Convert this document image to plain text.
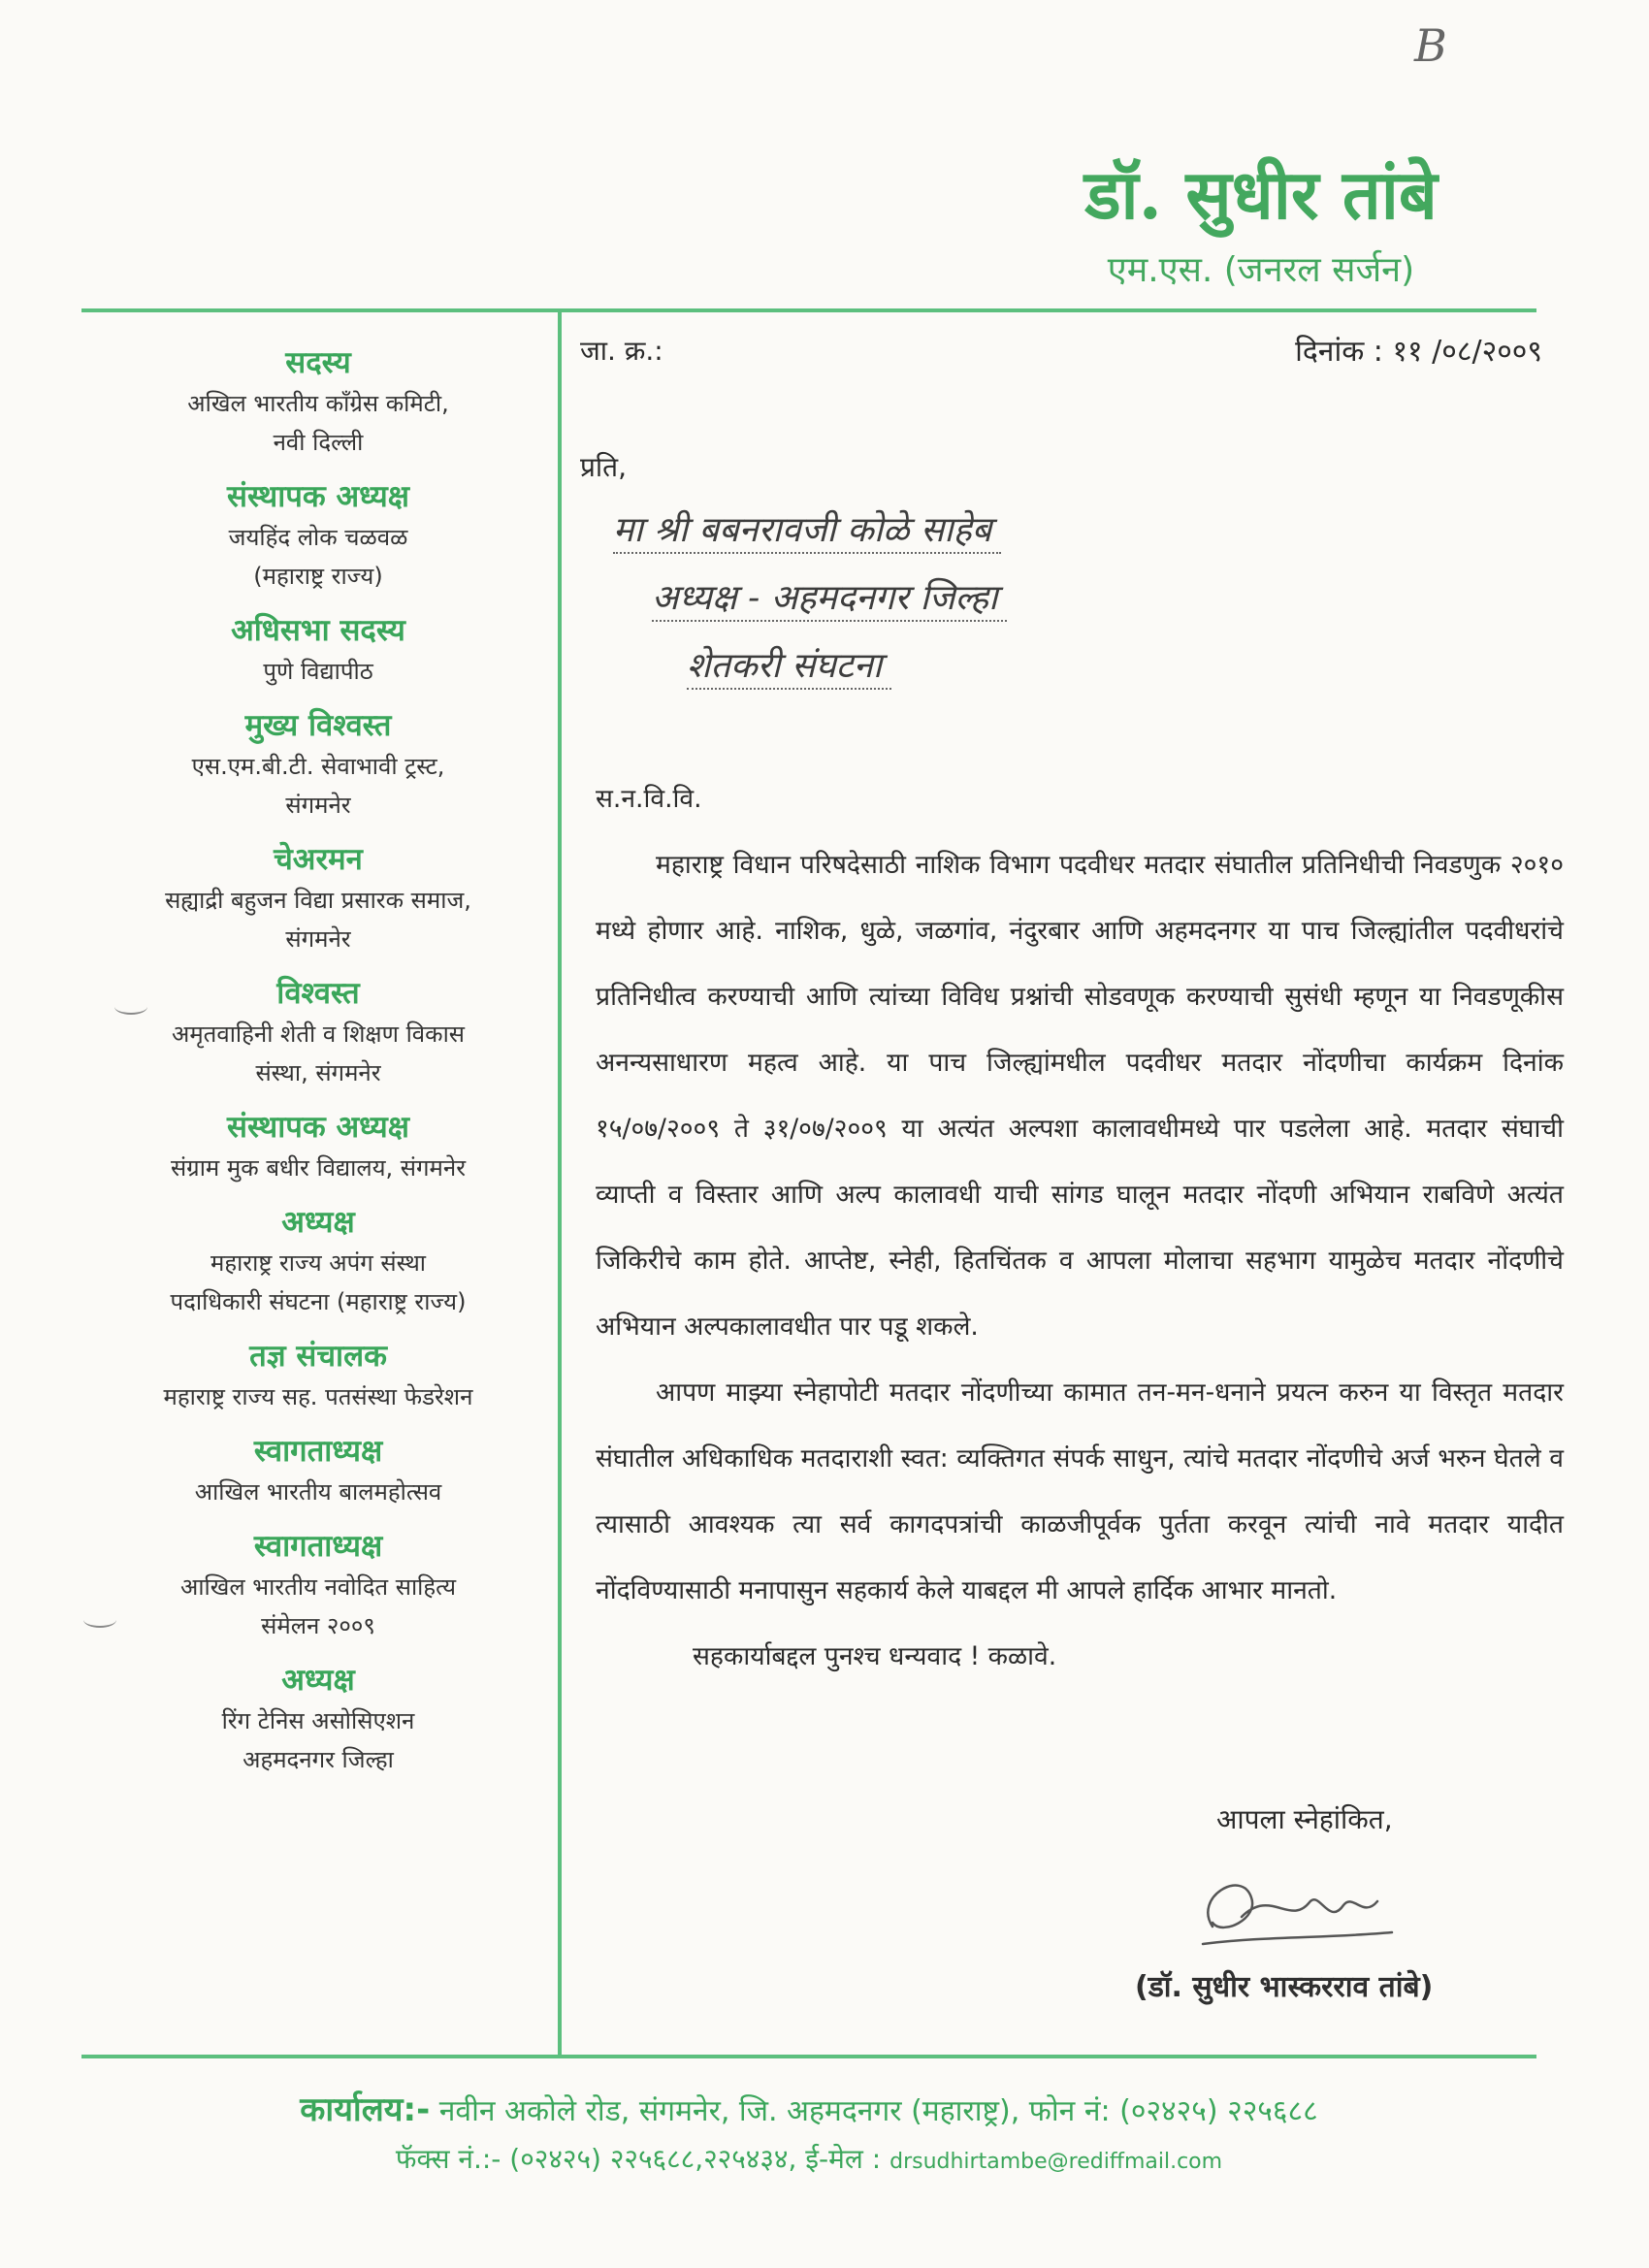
B
डॉ. सुधीर तांबे
एम.एस. (जनरल सर्जन)
सदस्य
अखिल भारतीय कॉंग्रेस कमिटी,
नवी दिल्ली
संस्थापक अध्यक्ष
जयहिंद लोक चळवळ
(महाराष्ट्र राज्य)
अधिसभा सदस्य
पुणे विद्यापीठ
मुख्य विश्वस्त
एस.एम.बी.टी. सेवाभावी ट्रस्ट,
संगमनेर
चेअरमन
सह्याद्री बहुजन विद्या प्रसारक समाज,
संगमनेर
विश्वस्त
अमृतवाहिनी शेती व शिक्षण विकास
संस्था, संगमनेर
संस्थापक अध्यक्ष
संग्राम मुक बधीर विद्यालय, संगमनेर
अध्यक्ष
महाराष्ट्र राज्य अपंग संस्था
पदाधिकारी संघटना (महाराष्ट्र राज्य)
तज्ञ संचालक
महाराष्ट्र राज्य सह. पतसंस्था फेडरेशन
स्वागताध्यक्ष
आखिल भारतीय बालमहोत्सव
स्वागताध्यक्ष
आखिल भारतीय नवोदित साहित्य
संमेलन २००९
अध्यक्ष
रिंग टेनिस असोसिएशन
अहमदनगर जिल्हा
जा. क्र.:	दिनांक : ११ /०८/२००९
प्रति,
मा श्री बबनरावजी कोळे साहेब
अध्यक्ष - अहमदनगर जिल्हा
शेतकरी संघटना

स.न.वि.वि.

महाराष्ट्र विधान परिषदेसाठी नाशिक विभाग पदवीधर मतदार संघातील प्रतिनिधीची निवडणुक २०१० मध्ये होणार आहे. नाशिक, धुळे, जळगांव, नंदुरबार आणि अहमदनगर या पाच जिल्ह्यांतील पदवीधरांचे प्रतिनिधीत्व करण्याची आणि त्यांच्या विविध प्रश्नांची सोडवणूक करण्याची सुसंधी म्हणून या निवडणूकीस अनन्यसाधारण महत्व आहे. या पाच जिल्ह्यांमधील पदवीधर मतदार नोंदणीचा कार्यक्रम दिनांक १५/०७/२००९ ते ३१/०७/२००९ या अत्यंत अल्पशा कालावधीमध्ये पार पडलेला आहे. मतदार संघाची व्याप्ती व विस्तार आणि अल्प कालावधी याची सांगड घालून मतदार नोंदणी अभियान राबविणे अत्यंत जिकिरीचे काम होते. आप्तेष्ट, स्नेही, हितचिंतक व आपला मोलाचा सहभाग यामुळेच मतदार नोंदणीचे अभियान अल्पकालावधीत पार पडू शकले.

आपण माझ्या स्नेहापोटी मतदार नोंदणीच्या कामात तन-मन-धनाने प्रयत्न करुन या विस्तृत मतदार संघातील अधिकाधिक मतदाराशी स्वत: व्यक्तिगत संपर्क साधुन, त्यांचे मतदार नोंदणीचे अर्ज भरुन घेतले व त्यासाठी आवश्यक त्या सर्व कागदपत्रांची काळजीपूर्वक पुर्तता करवून त्यांची नावे मतदार यादीत नोंदविण्यासाठी मनापासुन सहकार्य केले याबद्दल मी आपले हार्दिक आभार मानतो.

सहकार्याबद्दल पुनश्च धन्यवाद ! कळावे.

आपला स्नेहांकित,
(डॉ. सुधीर भास्करराव तांबे)
कार्यालय:- नवीन अकोले रोड, संगमनेर, जि. अहमदनगर (महाराष्ट्र), फोन नं: (०२४२५) २२५६८८
फॅक्स नं.:- (०२४२५) २२५६८८,२२५४३४, ई-मेल : drsudhirtambe@rediffmail.com
